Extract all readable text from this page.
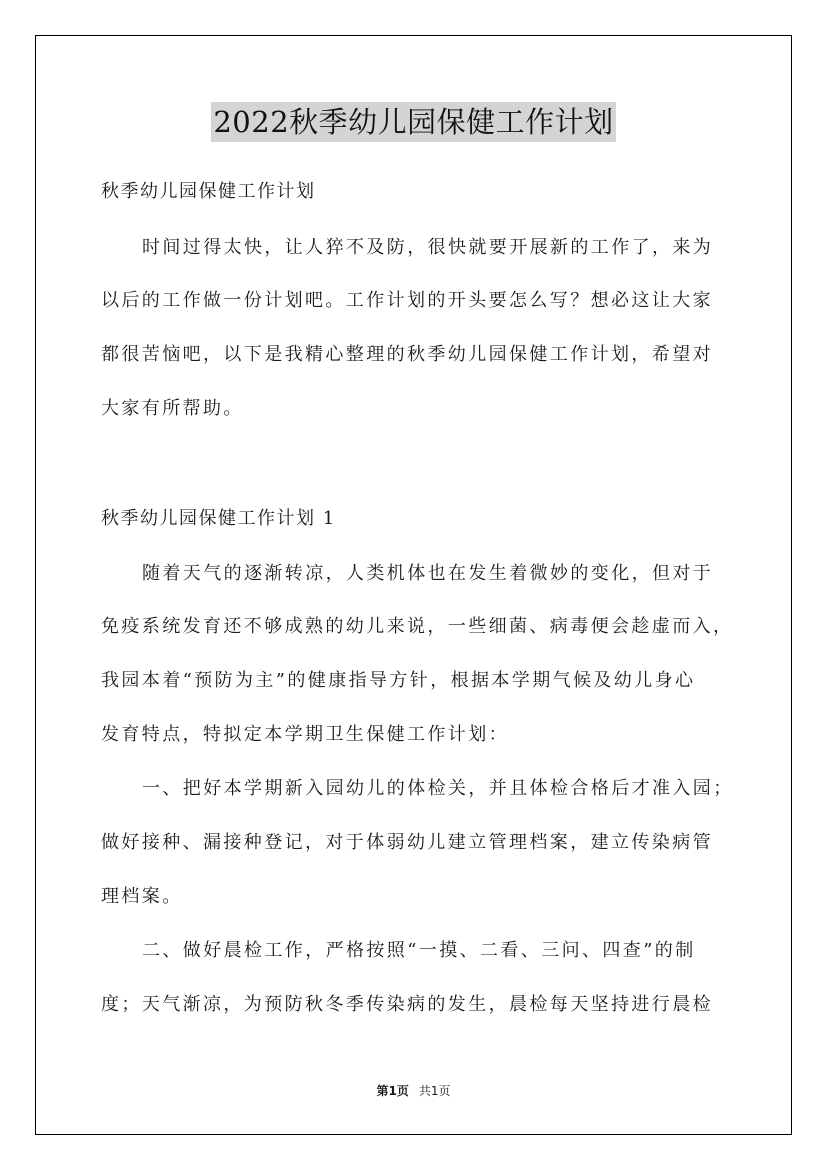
2022秋季幼儿园保健工作计划
秋季幼儿园保健工作计划
时间过得太快，让人猝不及防，很快就要开展新的工作了，来为
以后的工作做一份计划吧。工作计划的开头要怎么写？想必这让大家
都很苦恼吧，以下是我精心整理的秋季幼儿园保健工作计划，希望对
大家有所帮助。
秋季幼儿园保健工作计划 1
随着天气的逐渐转凉，人类机体也在发生着微妙的变化，但对于
免疫系统发育还不够成熟的幼儿来说，一些细菌、病毒便会趁虚而入，
我园本着“预防为主”的健康指导方针，根据本学期气候及幼儿身心
发育特点，特拟定本学期卫生保健工作计划：
一、把好本学期新入园幼儿的体检关，并且体检合格后才准入园；
做好接种、漏接种登记，对于体弱幼儿建立管理档案，建立传染病管
理档案。
二、做好晨检工作，严格按照“一摸、二看、三问、四查”的制
度；天气渐凉，为预防秋冬季传染病的发生，晨检每天坚持进行晨检
第1页 共1页
